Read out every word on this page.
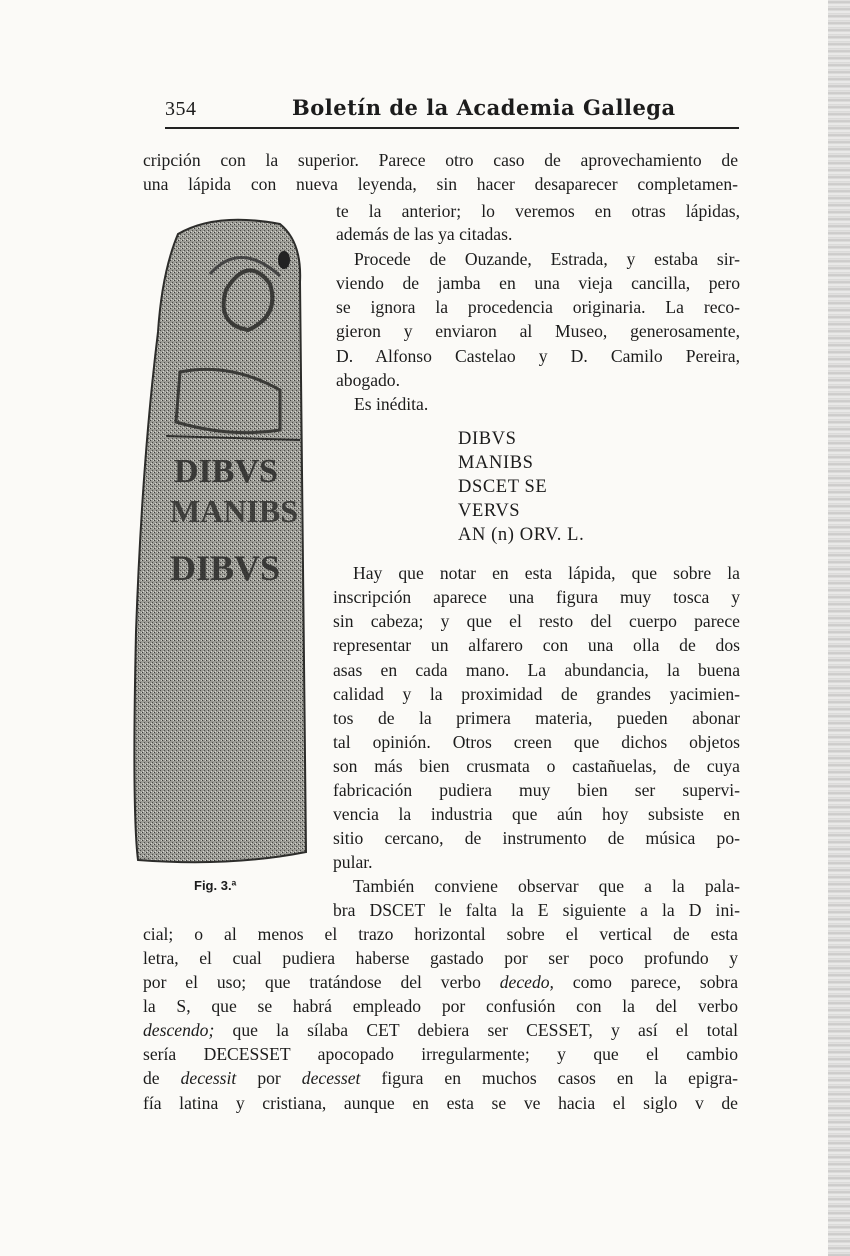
354	Boletín de la Academia Gallega
cripción con la superior. Parece otro caso de aprovechamiento de
una lápida con nueva leyenda, sin hacer desaparecer completamen-
te la anterior; lo veremos en otras lápidas,
además de las ya citadas.
Procede de Ouzande, Estrada, y estaba sir-
viendo de jamba en una vieja cancilla, pero
se ignora la procedencia originaria. La reco-
gieron y enviaron al Museo, generosamente,
D. Alfonso Castelao y D. Camilo Pereira,
abogado.
Es inédita.
DIBVS
MANIBS
DSCET SE
VERVS
AN (n) ORV. L.
Hay que notar en esta lápida, que sobre la
inscripción aparece una figura muy tosca y
sin cabeza; y que el resto del cuerpo parece
representar un alfarero con una olla de dos
asas en cada mano. La abundancia, la buena
calidad y la proximidad de grandes yacimien-
tos de la primera materia, pueden abonar
tal opinión. Otros creen que dichos objetos
son más bien crusmata o castañuelas, de cuya
fabricación pudiera muy bien ser supervi-
vencia la industria que aún hoy subsiste en
sitio cercano, de instrumento de música po-
pular.
También conviene observar que a la pala-
bra DSCET le falta la E siguiente a la D ini-
cial; o al menos el trazo horizontal sobre el vertical de esta
letra, el cual pudiera haberse gastado por ser poco profundo y
por el uso; que tratándose del verbo decedo, como parece, sobra
la S, que se habrá empleado por confusión con la del verbo
descendo; que la sílaba CET debiera ser CESSET, y así el total
sería DECESSET apocopado irregularmente; y que el cambio
de decessit por decesset figura en muchos casos en la epigra-
fía latina y cristiana, aunque en esta se ve hacia el siglo v de
DIBVS
MANIBS
DIBVS
Fig. 3.ª
